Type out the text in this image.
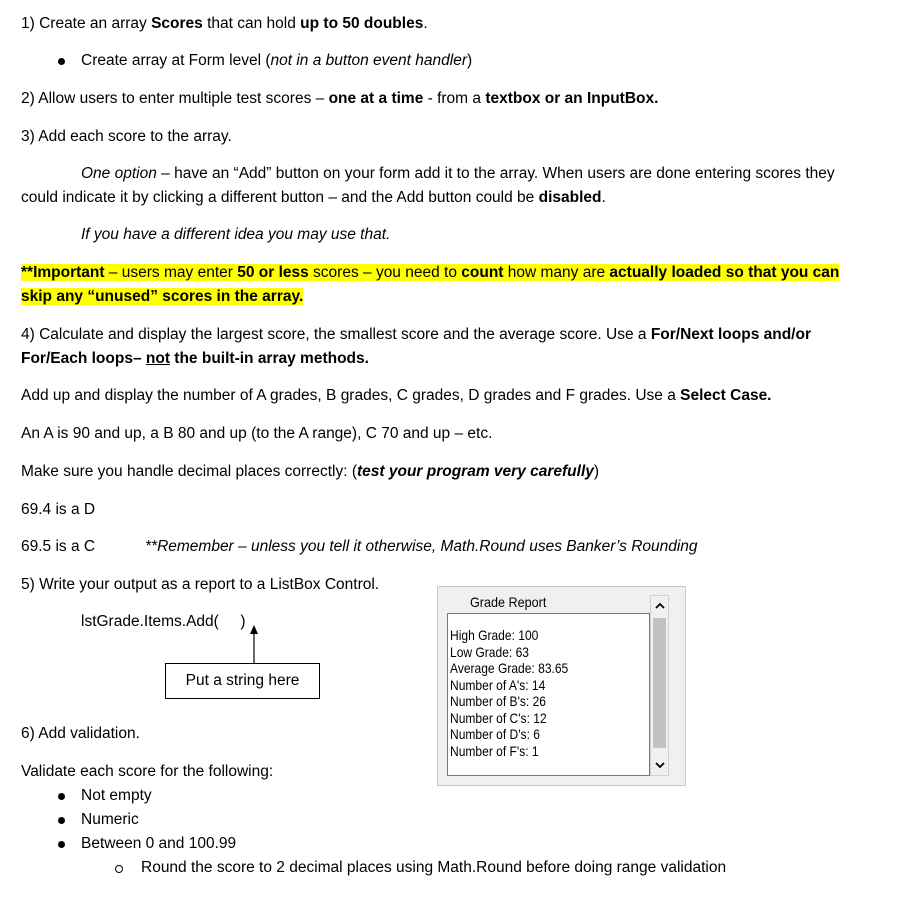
1) Create an array Scores that can hold up to 50 doubles.
Create array at Form level (not in a button event handler)
2) Allow users to enter multiple test scores – one at a time - from a textbox or an InputBox.
3) Add each score to the array.
One option – have an “Add” button on your form add it to the array. When users are done entering scores they
could indicate it by clicking a different button – and the Add button could be disabled.
If you have a different idea you may use that.
**Important – users may enter 50 or less scores – you need to count how many are actually loaded so that you can
skip any “unused” scores in the array.
4) Calculate and display the largest score, the smallest score and the average score. Use a For/Next loops and/or
For/Each loops– not the built-in array methods.
Add up and display the number of A grades, B grades, C grades, D grades and F grades. Use a Select Case.
An A is 90 and up, a B 80 and up (to the A range), C 70 and up – etc.
Make sure you handle decimal places correctly: (test your program very carefully)
69.4 is a D
69.5 is a C	**Remember – unless you tell it otherwise, Math.Round uses Banker’s Rounding
5) Write your output as a report to a ListBox Control.
lstGrade.Items.Add(     )
Put a string here
Grade Report
High Grade: 100
Low Grade: 63
Average Grade: 83.65
Number of A's: 14
Number of B's: 26
Number of C's: 12
Number of D's: 6
Number of F's: 1
6) Add validation.
Validate each score for the following:
Not empty
Numeric
Between 0 and 100.99
Round the score to 2 decimal places using Math.Round before doing range validation
